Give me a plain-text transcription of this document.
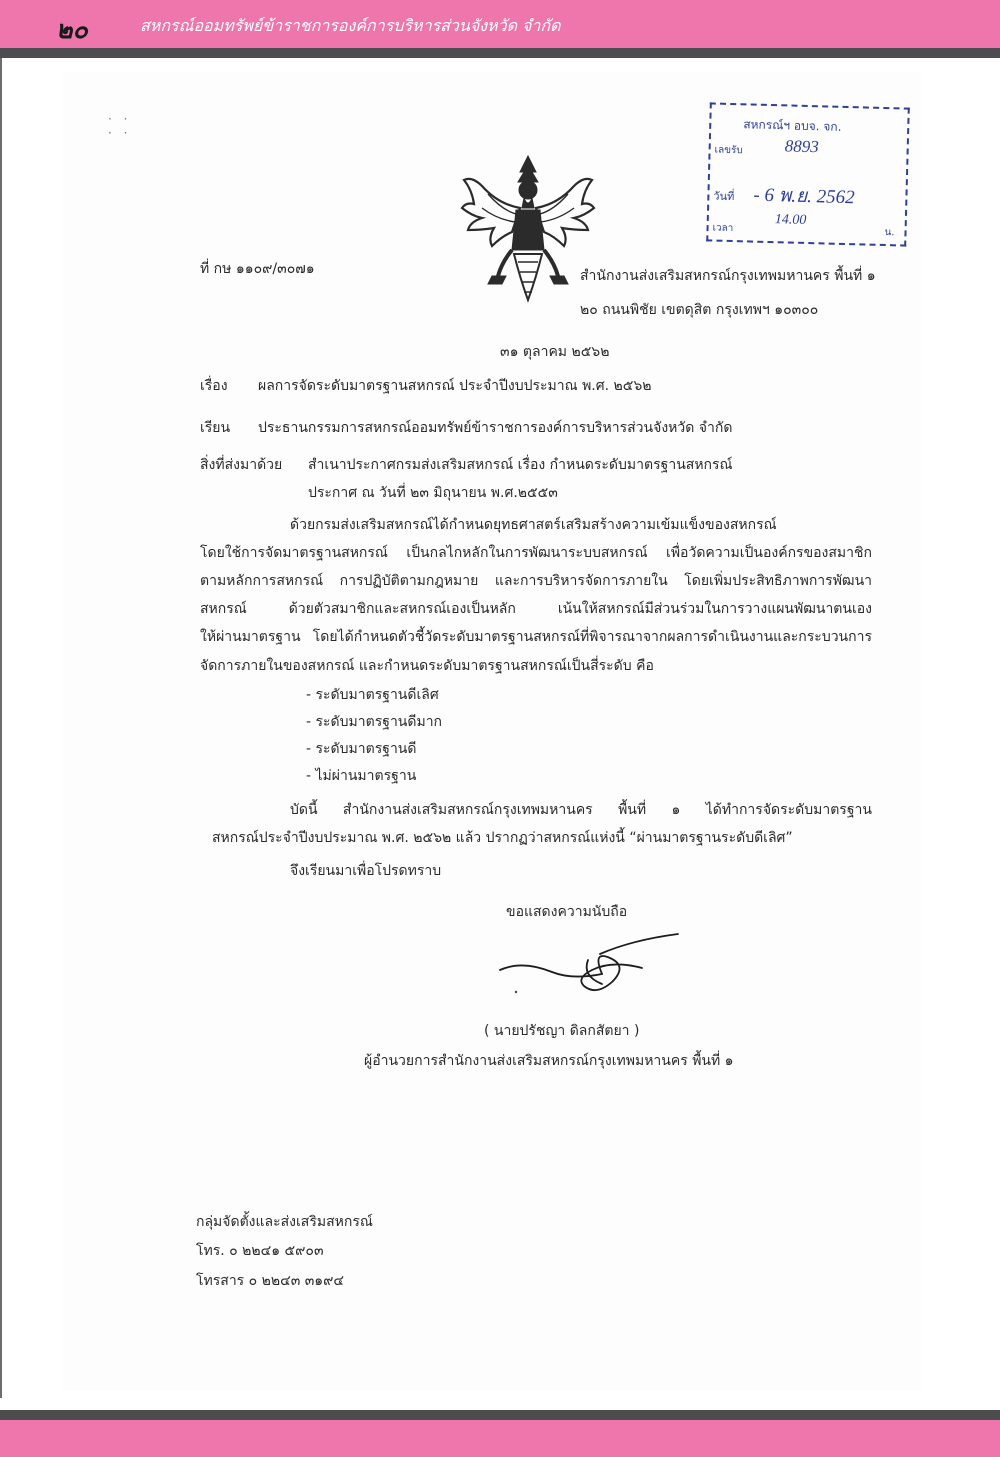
๒๐	สหกรณ์ออมทรัพย์ข้าราชการองค์การบริหารส่วนจังหวัด จำกัด
· ·
· ·	สหกรณ์ฯ อบจ. จก.
เลขรับ 8893
วันที่ - 6 พ.ย. 2562
เวลา
14.00
น.
ที่ กษ ๑๑๐๙/๓๐๗๑	สำนักงานส่งเสริมสหกรณ์กรุงเทพมหานคร พื้นที่ ๑
๒๐ ถนนพิชัย เขตดุสิต กรุงเทพฯ ๑๐๓๐๐
๓๑ ตุลาคม ๒๕๖๒
เรื่อง ผลการจัดระดับมาตรฐานสหกรณ์ ประจำปีงบประมาณ พ.ศ. ๒๕๖๒
เรียน ประธานกรรมการสหกรณ์ออมทรัพย์ข้าราชการองค์การบริหารส่วนจังหวัด จำกัด
สิ่งที่ส่งมาด้วย สำเนาประกาศกรมส่งเสริมสหกรณ์ เรื่อง กำหนดระดับมาตรฐานสหกรณ์
ประกาศ ณ วันที่ ๒๓ มิถุนายน พ.ศ.๒๕๕๓
ด้วยกรมส่งเสริมสหกรณ์ได้กำหนดยุทธศาสตร์เสริมสร้างความเข้มแข็งของสหกรณ์
โดยใช้การจัดมาตรฐานสหกรณ์ เป็นกลไกหลักในการพัฒนาระบบสหกรณ์ เพื่อวัดความเป็นองค์กรของสมาชิก
ตามหลักการสหกรณ์ การปฏิบัติตามกฎหมาย และการบริหารจัดการภายใน โดยเพิ่มประสิทธิภาพการพัฒนา
สหกรณ์ ด้วยตัวสมาชิกและสหกรณ์เองเป็นหลัก เน้นให้สหกรณ์มีส่วนร่วมในการวางแผนพัฒนาตนเอง
ให้ผ่านมาตรฐาน โดยได้กำหนดตัวชี้วัดระดับมาตรฐานสหกรณ์ที่พิจารณาจากผลการดำเนินงานและกระบวนการ
จัดการภายในของสหกรณ์ และกำหนดระดับมาตรฐานสหกรณ์เป็นสี่ระดับ คือ
- ระดับมาตรฐานดีเลิศ
- ระดับมาตรฐานดีมาก
- ระดับมาตรฐานดี
- ไม่ผ่านมาตรฐาน
บัดนี้ สำนักงานส่งเสริมสหกรณ์กรุงเทพมหานคร พื้นที่ ๑ ได้ทำการจัดระดับมาตรฐาน
สหกรณ์ประจำปีงบประมาณ พ.ศ. ๒๕๖๒ แล้ว ปรากฏว่าสหกรณ์แห่งนี้ “ผ่านมาตรฐานระดับดีเลิศ”
จึงเรียนมาเพื่อโปรดทราบ
ขอแสดงความนับถือ
( นายปรัชญา ดิลกสัตยา )
ผู้อำนวยการสำนักงานส่งเสริมสหกรณ์กรุงเทพมหานคร พื้นที่ ๑
กลุ่มจัดตั้งและส่งเสริมสหกรณ์
โทร. ๐ ๒๒๔๑ ๕๙๐๓
โทรสาร ๐ ๒๒๔๓ ๓๑๙๔
